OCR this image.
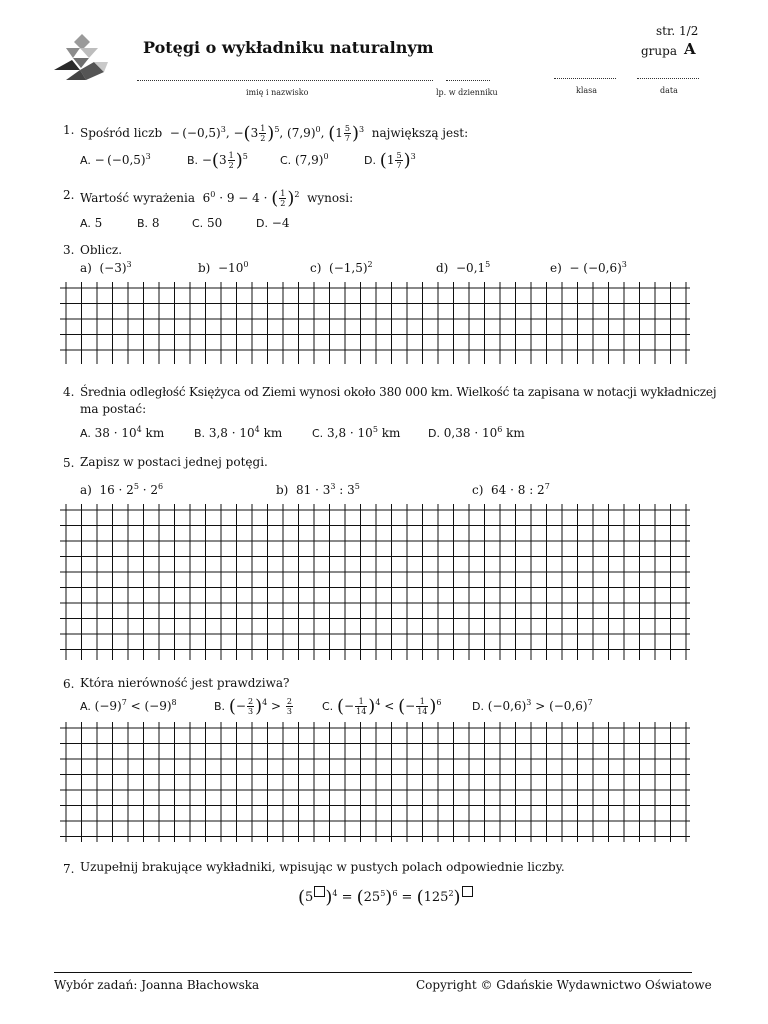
Potęgi o wykładniku naturalnym
str. 1/2
grupa A
imię i nazwisko	lp. w dzienniku	klasa	data
1. Spośród liczb  − $(-0,5)^3$, $-(3 \frac{1}{2} )^5$, $(7,9)^0$, $(1 \frac{5}{7} )^3$ największą jest:
A. − $(-0,5)^3$	B. $-(3 \frac{1}{2} )^5$	C. $(7,9)^0$	D. $(1 \frac{5}{7} )^3$
2. Wartość wyrażenia  $6^0 \cdot 9 - 4$ · ( $\frac{1}{2} )^2$ wynosi:
A. 5	B. 8	C. 50	D. −4
3. Oblicz.
a)  $(-3)^3$	$b) -10^0$	c)  $(-1,5)^2$	$d) -0,1^5$	$e) - (-0,6)^3$
4. Średnia odległość Księżyca od Ziemi wynosi około 380 000 km. Wielkość ta zapisana w notacji wykładniczej
ma postać:
A. $38 \cdot 10^4$ km	B. $3,8 \cdot 10^4$ km	C. $3,8 \cdot 10^5$ km	D. $0,38 \cdot 10^6$ km
5. Zapisz w postaci jednej potęgi.
a)  $16 \cdot 2^5 \cdot 2^6$	b)  $81 \cdot 3^3$ : $3^5$	c)  64 · 8 : $2^7$
6. Która nierówność jest prawdziwa?
A. $(-9)^7 < (-9)^8$	B. (− $\frac{2}{3} )^4 > \frac{2}{3}$	C. (− $\frac{1}{14} )^4$ < (− $\frac{1}{14} )^6$	D. $(-0,6)^3 > (-0,6)^7$
7. Uzupełnij brakujące wykładniki, wpisując w pustych polach odpowiednie liczby.
(5 )$^4 = (25^5)^6 = (125^2)$
Wybór zadań: Joanna Błachowska	Copyright © Gdańskie Wydawnictwo Oświatowe
